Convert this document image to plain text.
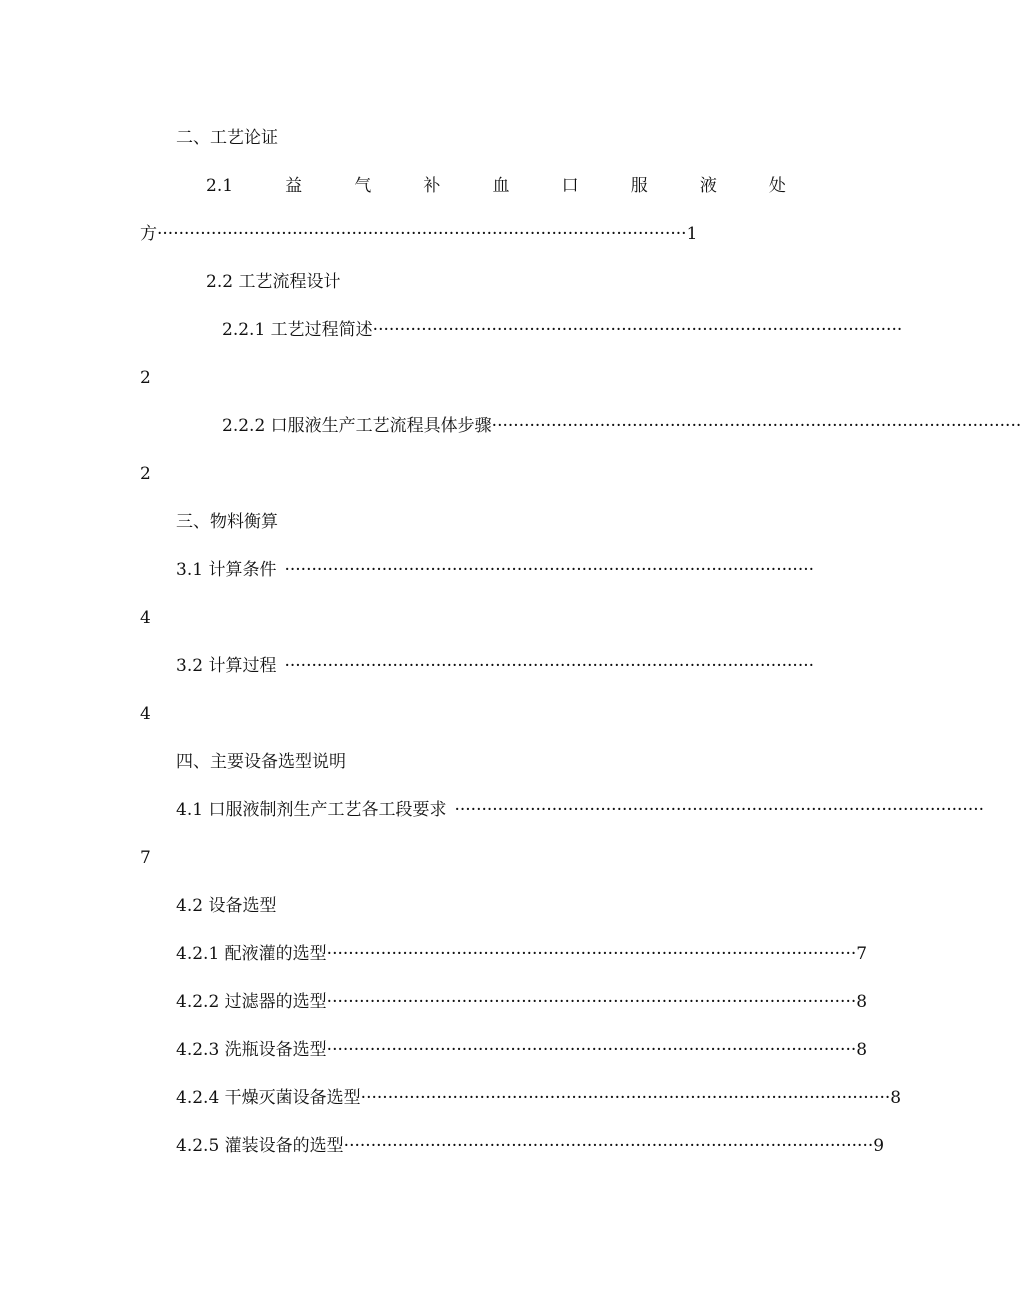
二、工艺论证
2.1	益	气	补	血	口	服	液	处
方 ·································································································· 1
2.2 工艺流程设计
2.2.1 工艺过程简述 ··································································································
2
2.2.2 口服液生产工艺流程具体步骤 ··································································································
2
三、物料衡算
3.1 计算条件 ··································································································
4
3.2 计算过程 ··································································································
4
四、主要设备选型说明
4.1 口服液制剂生产工艺各工段要求 ··································································································
7
4.2 设备选型
4.2.1 配液灌的选型 ·································································································· 7
4.2.2 过滤器的选型 ·································································································· 8
4.2.3 洗瓶设备选型 ·································································································· 8
4.2.4 干燥灭菌设备选型 ·································································································· 8
4.2.5 灌装设备的选型 ·································································································· 9
